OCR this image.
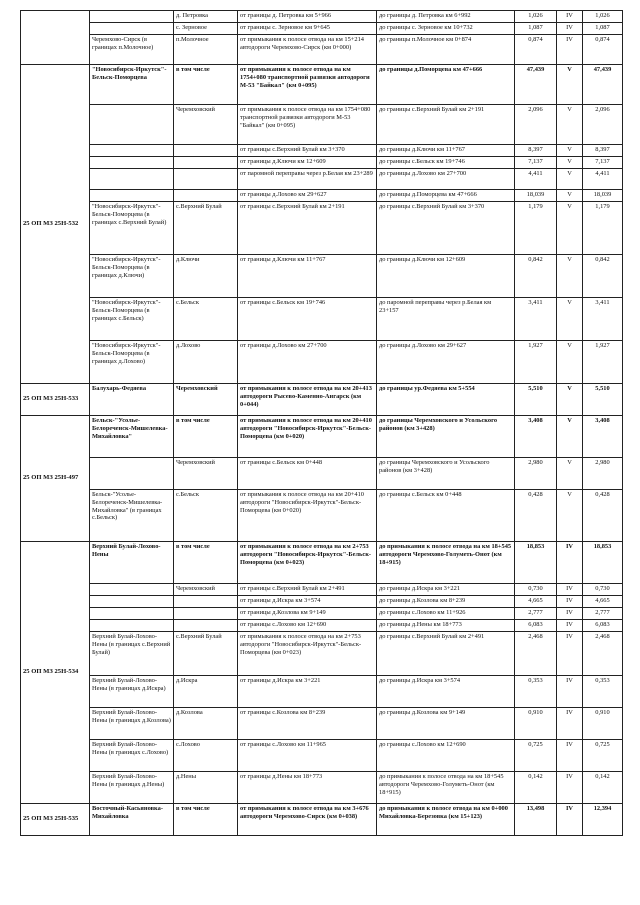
		д. Петровка	от границы д. Петровка км 5+966	до границы д. Петровка км 6+992	1,026	IV	1,026
		с. Зерновое	от границы с. Зерновое км 9+645	до границы с. Зерновое км 10+732	1,087	IV	1,087
	Черемхово-Сирск (в границах п.Молочное)	п.Молочное	от примыкания к полосе отвода на км 15+214 автодороги Черемхово-Сирск (км 0+000)	до границы п.Молочное км 0+874	0,874	IV	0,874
25 ОП МЗ 25Н-532	"Новосибирск-Иркутск"-Бельск-Поморцева	в том числе	от примыкания к полосе отвода на км 1754+080 транспортной развязки автодороги М-53 "Байкал" (км 0+095)	до границы д.Поморцева км 47+666	47,439	V	47,439
		Черемховский	от примыкания к полосе отвода на км 1754+080 транспортной развязки автодороги М-53 "Байкал" (км 0+095)	до границы с.Верхний Булай км 2+191	2,096	V	2,096
			от границы с.Верхний Булай км 3+370	до границы д.Ключи км 11+767	8,397	V	8,397
			от границы д.Ключи км 12+609	до границы с.Бельск км 19+746	7,137	V	7,137
			от паромной переправы через р.Белая км 23+289	до границы д.Лохово км 27+700	4,411	V	4,411
			от границы д.Лохово км 29+627	до границы д.Поморцева км 47+666	18,039	V	18,039
	"Новосибирск-Иркутск"-Бельск-Поморцева (в границах с.Верхний Булай)	с.Верхний Булай	от границы с.Верхний Булай км 2+191	до границы с.Верхний Булай км 3+370	1,179	V	1,179
	"Новосибирск-Иркутск"-Бельск-Поморцева (в границах д.Ключи)	д.Ключи	от границы д.Ключи км 11+767	до границы д.Ключи км 12+609	0,842	V	0,842
	"Новосибирск-Иркутск"-Бельск-Поморцева (в границах с.Бельск)	с.Бельск	от границы с.Бельск км 19+746	до паромной переправы через р.Белая км 23+157	3,411	V	3,411
	"Новосибирск-Иркутск"-Бельск-Поморцева (в границах д.Лохово)	д.Лохово	от границы д.Лохово км 27+700	до границы д.Лохово км 29+627	1,927	V	1,927
25 ОП МЗ 25Н-533	Балухарь-Федяева	Черемховский	от примыкания к полосе отвода на км 20+413 автодороги Рысево-Каменно-Ангарск (км 0+044)	до границы ур.Федяева км 5+554	5,510	V	5,510
25 ОП МЗ 25Н-497	Бельск-"Усолье-Белореченск-Мишелевка-Михайловка"	в том числе	от примыкания к полосе отвода на км 20+410 автодороги "Новосибирск-Иркутск"-Бельск-Поморцева (км 0+020)	до границы Черемховского и Усольского районов (км 3+428)	3,408	V	3,408
		Черемховский	от границы с.Бельск км 0+448	до границы Черемховского и Усольского районов (км 3+428)	2,980	V	2,980
	Бельск-"Усолье-Белореченск-Мишелевка-Михайловка" (в границах с.Бельск)	с.Бельск	от примыкания к полосе отвода на км 20+410 автодороги "Новосибирск-Иркутск"-Бельск-Поморцева (км 0+020)	до границы с.Бельск км 0+448	0,428	V	0,428
25 ОП МЗ 25Н-534	Верхний Булай-Лохово-Нены	в том числе	от примыкания к полосе отвода на км 2+753 автодороги "Новосибирск-Иркутск"-Бельск-Поморцева (км 0+023)	до примыкания к полосе отвода на км 18+545 автодороги Черемхово-Голуметь-Онот (км 18+915)	18,853	IV	18,853
		Черемховский	от границы с.Верхний Булай км 2+491	до границы д.Искра км 3+221	0,730	IV	0,730
			от границы д.Искра км 3+574	до границы д.Козлова км 8+239	4,665	IV	4,665
			от границы д.Козлова км 9+149	до границы с.Лохово км 11+926	2,777	IV	2,777
			от границы с.Лохово км 12+690	до границы д.Нены км 18+773	6,083	IV	6,083
	Верхний Булай-Лохово-Нены (в границах с.Верхний Булай)	с.Верхний Булай	от примыкания к полосе отвода на км 2+753 автодороги "Новосибирск-Иркутск"-Бельск-Поморцева (км 0+023)	до границы с.Верхний Булай км 2+491	2,468	IV	2,468
	Верхний Булай-Лохово-Нены (в границах д.Искра)	д.Искра	от границы д.Искра км 3+221	до границы д.Искра км 3+574	0,353	IV	0,353
	Верхний Булай-Лохово-Нены (в границах д.Козлова)	д.Козлова	от границы с.Козлова км 8+239	до границы д.Козлова км 9+149	0,910	IV	0,910
	Верхний Булай-Лохово-Нены (в границах с.Лохово)	с.Лохово	от границы с.Лохово км 11+965	до границы с.Лохово км 12+690	0,725	IV	0,725
	Верхний Булай-Лохово-Нены (в границах д.Нены)	д.Нены	от границы д.Нены км 18+773	до примыкания к полосе отвода на км 18+545 автодороги Черемхово-Голуметь-Онот (км 18+915)	0,142	IV	0,142
25 ОП МЗ 25Н-535	Восточный-Касьяновка-Михайловка	в том числе	от примыкания к полосе отвода на км 3+676 автодороги Черемхово-Сирск (км 0+038)	до примыкания к полосе отвода на км 0+000 Михайловка-Березовка (км 15+123)	13,498	IV	12,394
